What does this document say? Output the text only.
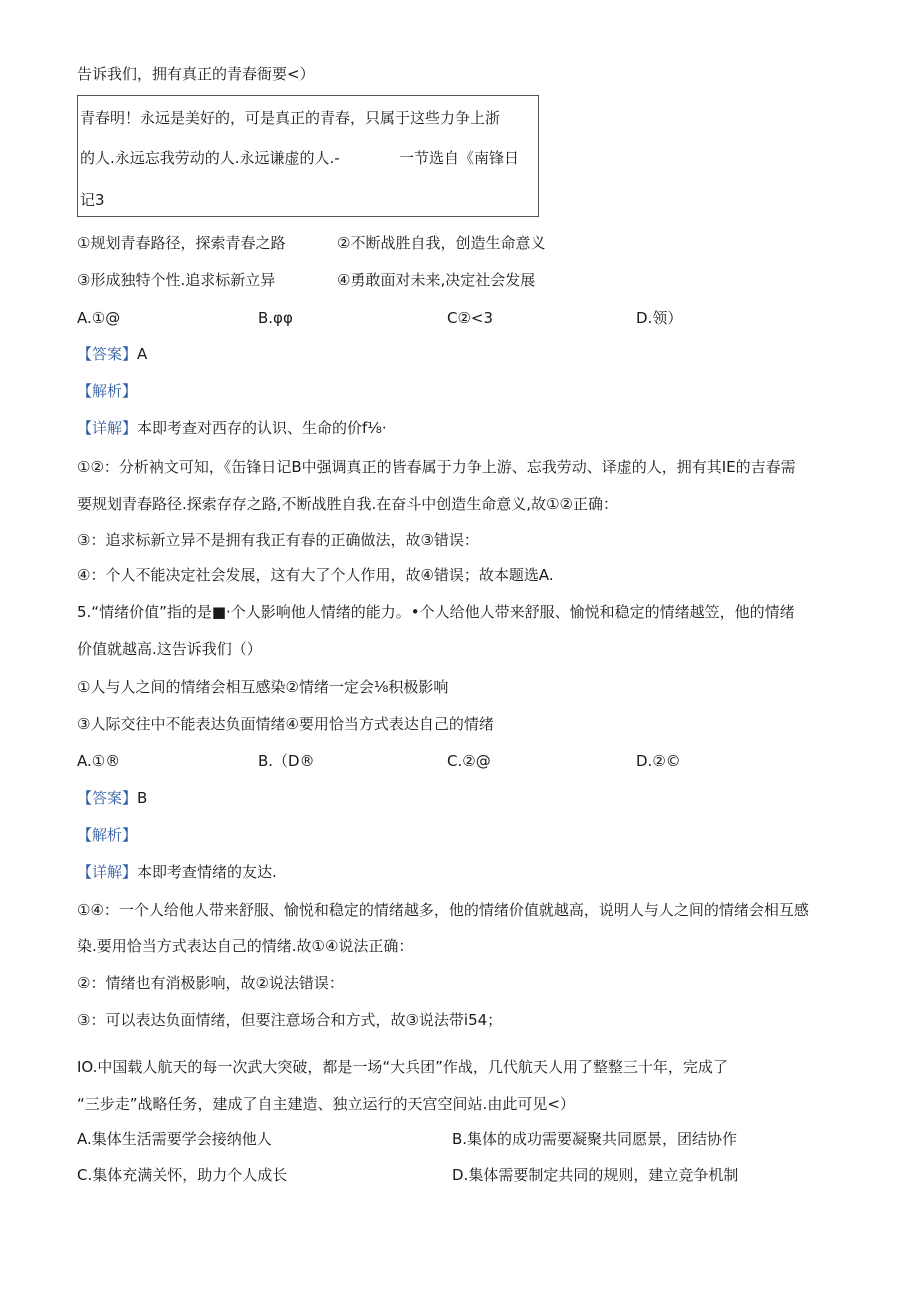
告诉我们，拥有真正的青春衙要<）
青春明！永远是美好的，可是真正的青春，只属于这些力争上浙
的人.永远忘我劳动的人.永远谦虚的人.-	一节选自《南锋日
记3
①规划青春路径，探索青春之路	②不断战胜自我，创造生命意义
③形成独特个性.追求标新立异	④勇敢面对未来,决定社会发展
A.①@	B.φφ	C②<3	D.领）
【答案】A
【解析】
【详解】本即考查对西存的认识、生命的价f⅛·
①②：分析衲文可知，《缶锋日记B中强调真正的皆春属于力争上游、忘我劳动、译虚的人，拥有其IE的吉春需
要规划青春路径.探索存存之路,不断战胜自我.在奋斗中创造生命意义,故①②正确：
③：追求标新立异不是拥有我正有春的正确做法，故③错误：
④：个人不能决定社会发展，这有大了个人作用，故④错误；故本题选A.
5.“情绪价值”指的是■·个人影响他人情绪的能力。•个人给他人带来舒服、愉悦和稳定的情绪越笠，他的情绪
价值就越高.这告诉我们（）
①人与人之间的情绪会相互感染②情绪一定会⅛积极影响
③人际交往中不能表达负面情绪④要用恰当方式表达自己的情绪
A.①®	B.（D®	C.②@	D.②©
【答案】B
【解析】
【详解】本即考查情绪的友达.
①④：一个人给他人带来舒服、愉悦和稳定的情绪越多，他的情绪价值就越高，说明人与人之间的情绪会相互感
染.要用恰当方式表达自己的情绪.故①④说法正确：
②：情绪也有消极影响，故②说法错误：
③：可以表达负面情绪，但要注意场合和方式，故③说法带i54；
IO.中国载人航天的每一次武大突破，都是一场“大兵团”作战，几代航天人用了整整三十年，完成了
“三步走”战略任务，建成了自主建造、独立运行的天宫空间站.由此可见<）
A.集体生活需要学会接纳他人	B.集体的成功需要凝聚共同愿景，团结协作
C.集体充满关怀，助力个人成长	D.集体需要制定共同的规则，建立竞争机制
